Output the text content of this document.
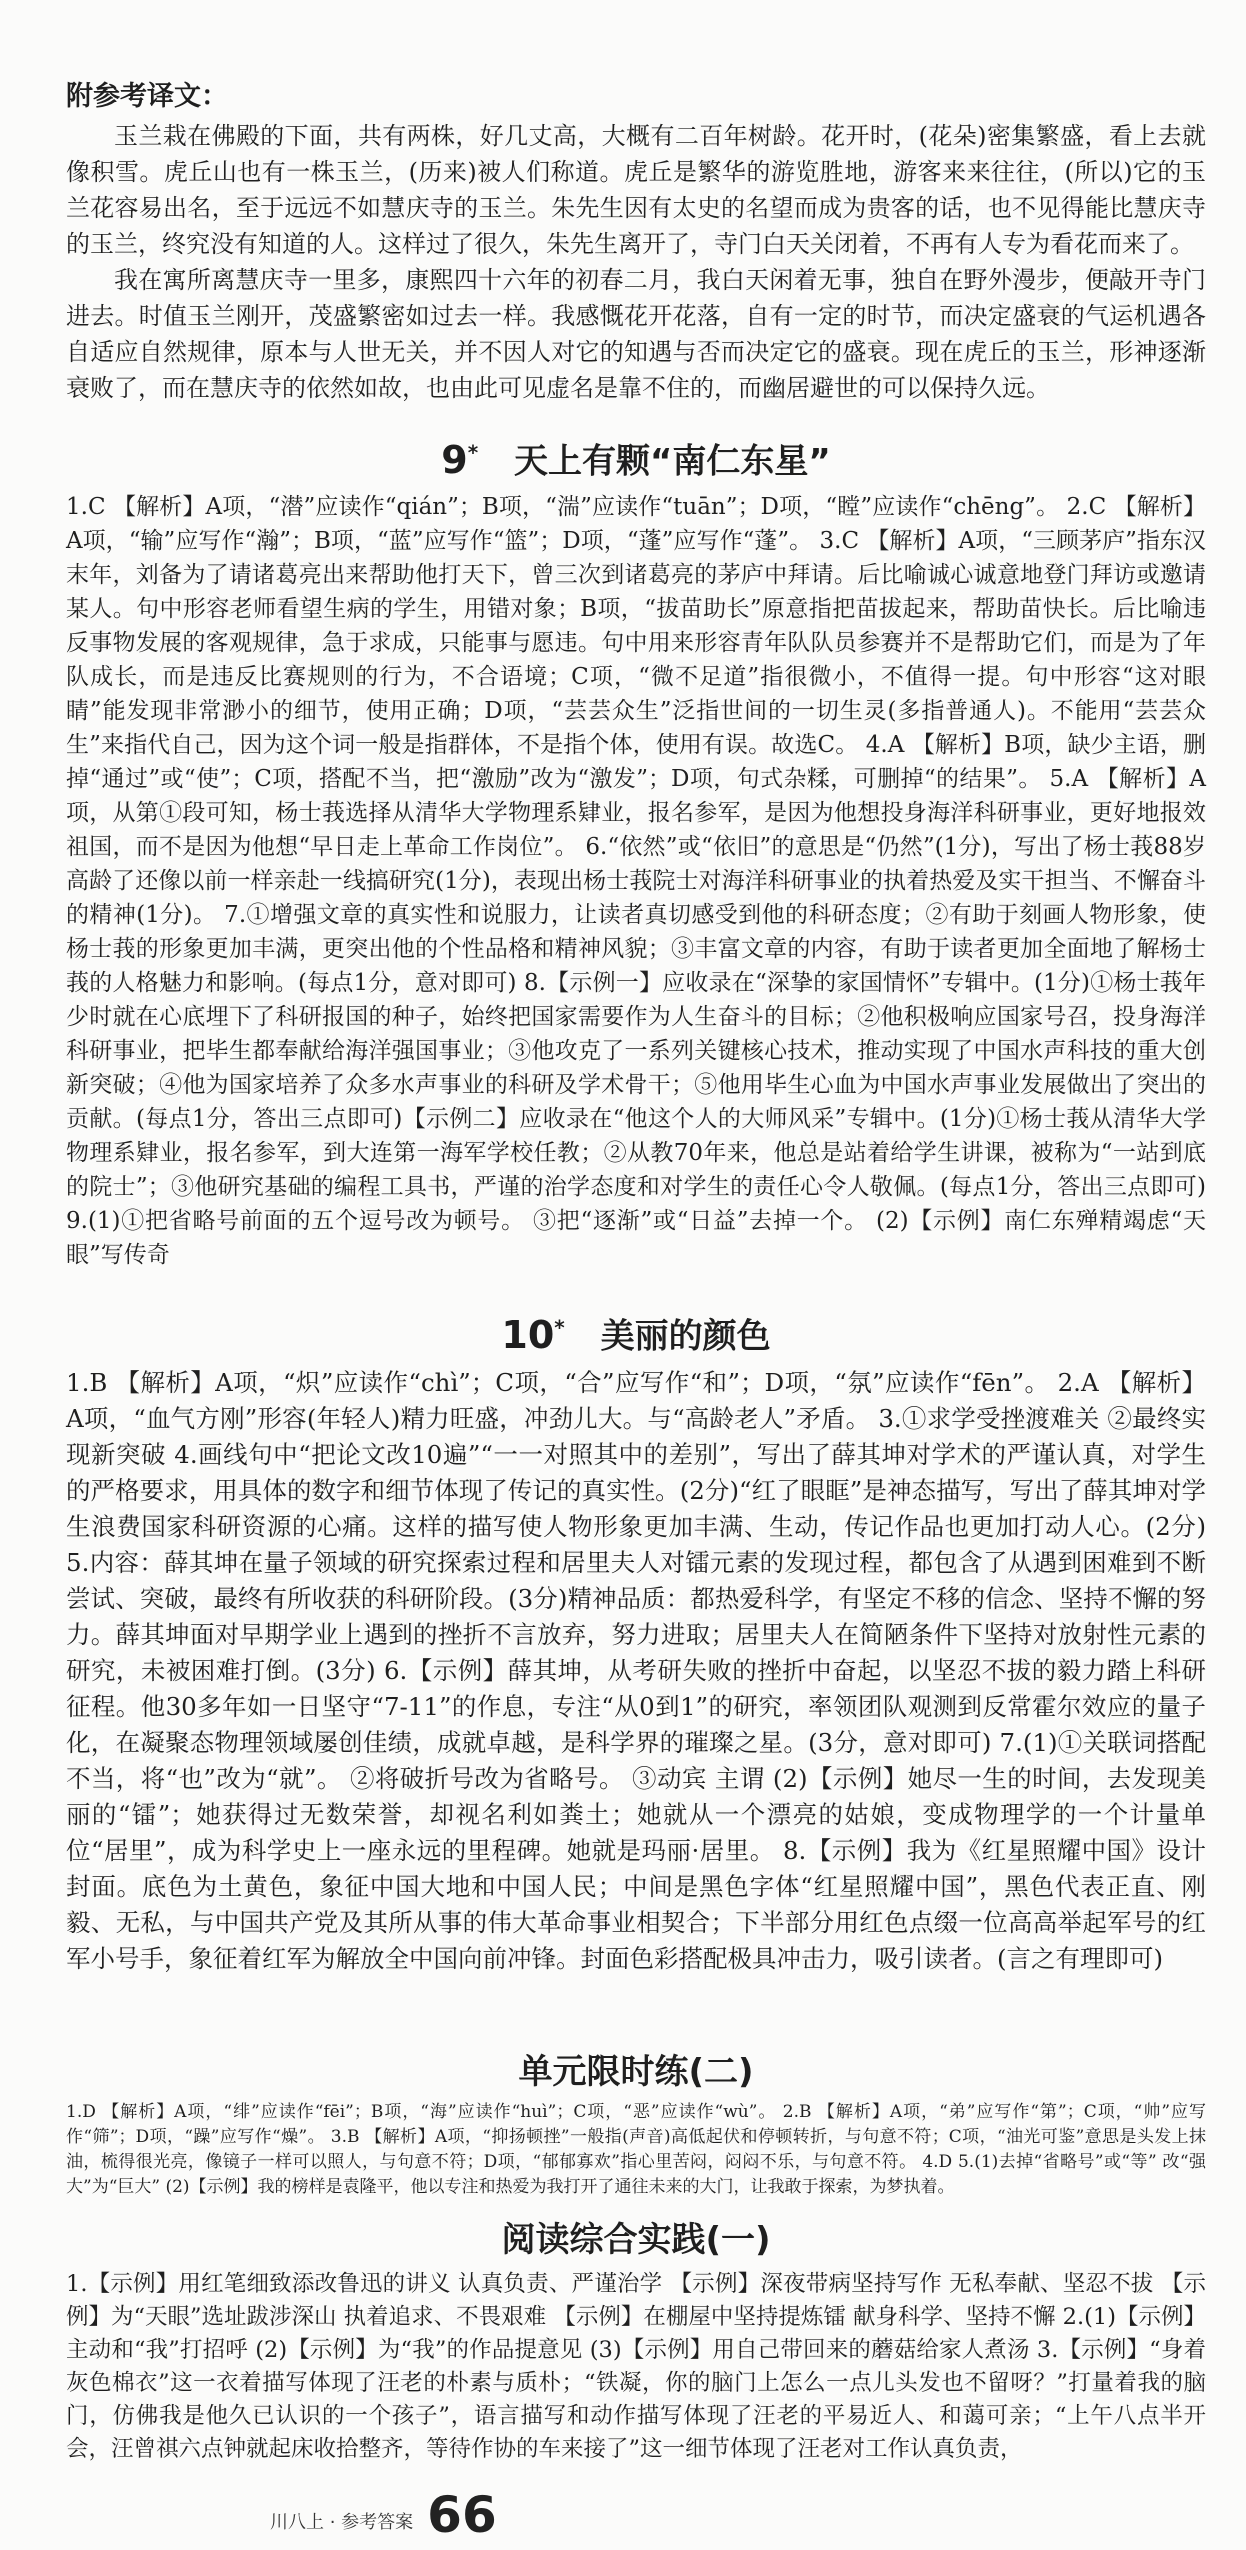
附参考译文：

玉兰栽在佛殿的下面，共有两株，好几丈高，大概有二百年树龄。花开时，(花朵)密集繁盛，看上去就像积雪。虎丘山也有一株玉兰，(历来)被人们称道。虎丘是繁华的游览胜地，游客来来往往，(所以)它的玉兰花容易出名，至于远远不如慧庆寺的玉兰。朱先生因有太史的名望而成为贵客的话，也不见得能比慧庆寺的玉兰，终究没有知道的人。这样过了很久，朱先生离开了，寺门白天关闭着，不再有人专为看花而来了。

我在寓所离慧庆寺一里多，康熙四十六年的初春二月，我白天闲着无事，独自在野外漫步，便敲开寺门进去。时值玉兰刚开，茂盛繁密如过去一样。我感慨花开花落，自有一定的时节，而决定盛衰的气运机遇各自适应自然规律，原本与人世无关，并不因人对它的知遇与否而决定它的盛衰。现在虎丘的玉兰，形神逐渐衰败了，而在慧庆寺的依然如故，也由此可见虚名是靠不住的，而幽居避世的可以保持久远。

9* 天上有颗“南仁东星”

1.C 【解析】A项，“潜”应读作“qián”；B项，“湍”应读作“tuān”；D项，“瞠”应读作“chēng”。 2.C 【解析】A项，“输”应写作“瀚”；B项，“蓝”应写作“篮”；D项，“蓬”应写作“蓬”。 3.C 【解析】A项，“三顾茅庐”指东汉末年，刘备为了请诸葛亮出来帮助他打天下，曾三次到诸葛亮的茅庐中拜请。后比喻诚心诚意地登门拜访或邀请某人。句中形容老师看望生病的学生，用错对象；B项，“拔苗助长”原意指把苗拔起来，帮助苗快长。后比喻违反事物发展的客观规律，急于求成，只能事与愿违。句中用来形容青年队队员参赛并不是帮助它们，而是为了年队成长，而是违反比赛规则的行为，不合语境；C项，“微不足道”指很微小，不值得一提。句中形容“这对眼睛”能发现非常渺小的细节，使用正确；D项，“芸芸众生”泛指世间的一切生灵(多指普通人)。不能用“芸芸众生”来指代自己，因为这个词一般是指群体，不是指个体，使用有误。故选C。 4.A 【解析】B项，缺少主语，删掉“通过”或“使”；C项，搭配不当，把“激励”改为“激发”；D项，句式杂糅，可删掉“的结果”。 5.A 【解析】A项，从第①段可知，杨士莪选择从清华大学物理系肄业，报名参军，是因为他想投身海洋科研事业，更好地报效祖国，而不是因为他想“早日走上革命工作岗位”。 6.“依然”或“依旧”的意思是“仍然”(1分)，写出了杨士莪88岁高龄了还像以前一样亲赴一线搞研究(1分)，表现出杨士莪院士对海洋科研事业的执着热爱及实干担当、不懈奋斗的精神(1分)。 7.①增强文章的真实性和说服力，让读者真切感受到他的科研态度；②有助于刻画人物形象，使杨士莪的形象更加丰满，更突出他的个性品格和精神风貌；③丰富文章的内容，有助于读者更加全面地了解杨士莪的人格魅力和影响。(每点1分，意对即可) 8.【示例一】应收录在“深挚的家国情怀”专辑中。(1分)①杨士莪年少时就在心底埋下了科研报国的种子，始终把国家需要作为人生奋斗的目标；②他积极响应国家号召，投身海洋科研事业，把毕生都奉献给海洋强国事业；③他攻克了一系列关键核心技术，推动实现了中国水声科技的重大创新突破；④他为国家培养了众多水声事业的科研及学术骨干；⑤他用毕生心血为中国水声事业发展做出了突出的贡献。(每点1分，答出三点即可)【示例二】应收录在“他这个人的大师风采”专辑中。(1分)①杨士莪从清华大学物理系肄业，报名参军，到大连第一海军学校任教；②从教70年来，他总是站着给学生讲课，被称为“一站到底的院士”；③他研究基础的编程工具书，严谨的治学态度和对学生的责任心令人敬佩。(每点1分，答出三点即可) 9.(1)①把省略号前面的五个逗号改为顿号。 ③把“逐渐”或“日益”去掉一个。 (2)【示例】南仁东殚精竭虑“天眼”写传奇

10* 美丽的颜色

1.B 【解析】A项，“炽”应读作“chì”；C项，“合”应写作“和”；D项，“氛”应读作“fēn”。 2.A 【解析】A项，“血气方刚”形容(年轻人)精力旺盛，冲劲儿大。与“高龄老人”矛盾。 3.①求学受挫渡难关 ②最终实现新突破 4.画线句中“把论文改10遍”“一一对照其中的差别”，写出了薛其坤对学术的严谨认真，对学生的严格要求，用具体的数字和细节体现了传记的真实性。(2分)“红了眼眶”是神态描写，写出了薛其坤对学生浪费国家科研资源的心痛。这样的描写使人物形象更加丰满、生动，传记作品也更加打动人心。(2分) 5.内容：薛其坤在量子领域的研究探索过程和居里夫人对镭元素的发现过程，都包含了从遇到困难到不断尝试、突破，最终有所收获的科研阶段。(3分)精神品质：都热爱科学，有坚定不移的信念、坚持不懈的努力。薛其坤面对早期学业上遇到的挫折不言放弃，努力进取；居里夫人在简陋条件下坚持对放射性元素的研究，未被困难打倒。(3分) 6.【示例】薛其坤，从考研失败的挫折中奋起，以坚忍不拔的毅力踏上科研征程。他30多年如一日坚守“7-11”的作息，专注“从0到1”的研究，率领团队观测到反常霍尔效应的量子化，在凝聚态物理领域屡创佳绩，成就卓越，是科学界的璀璨之星。(3分，意对即可) 7.(1)①关联词搭配不当，将“也”改为“就”。 ②将破折号改为省略号。 ③动宾 主谓 (2)【示例】她尽一生的时间，去发现美丽的“镭”；她获得过无数荣誉，却视名利如粪土；她就从一个漂亮的姑娘，变成物理学的一个计量单位“居里”，成为科学史上一座永远的里程碑。她就是玛丽·居里。 8.【示例】我为《红星照耀中国》设计封面。底色为土黄色，象征中国大地和中国人民；中间是黑色字体“红星照耀中国”，黑色代表正直、刚毅、无私，与中国共产党及其所从事的伟大革命事业相契合；下半部分用红色点缀一位高高举起军号的红军小号手，象征着红军为解放全中国向前冲锋。封面色彩搭配极具冲击力，吸引读者。(言之有理即可)

单元限时练(二)

1.D 【解析】A项，“绯”应读作“fēi”；B项，“海”应读作“huì”；C项，“恶”应读作“wù”。 2.B 【解析】A项，“弟”应写作“第”；C项，“帅”应写作“筛”；D项，“躁”应写作“燥”。 3.B 【解析】A项，“抑扬顿挫”一般指(声音)高低起伏和停顿转折，与句意不符；C项，“油光可鉴”意思是头发上抹油，梳得很光亮，像镜子一样可以照人，与句意不符；D项，“郁郁寡欢”指心里苦闷，闷闷不乐，与句意不符。 4.D 5.(1)去掉“省略号”或“等” 改“强大”为“巨大” (2)【示例】我的榜样是袁隆平，他以专注和热爱为我打开了通往未来的大门，让我敢于探索，为梦执着。

阅读综合实践(一)

1.【示例】用红笔细致添改鲁迅的讲义 认真负责、严谨治学 【示例】深夜带病坚持写作 无私奉献、坚忍不拔 【示例】为“天眼”选址跋涉深山 执着追求、不畏艰难 【示例】在棚屋中坚持提炼镭 献身科学、坚持不懈 2.(1)【示例】主动和“我”打招呼 (2)【示例】为“我”的作品提意见 (3)【示例】用自己带回来的蘑菇给家人煮汤 3.【示例】“身着灰色棉衣”这一衣着描写体现了汪老的朴素与质朴；“铁凝，你的脑门上怎么一点儿头发也不留呀？”打量着我的脑门，仿佛我是他久已认识的一个孩子”，语言描写和动作描写体现了汪老的平易近人、和蔼可亲；“上午八点半开会，汪曾祺六点钟就起床收拾整齐，等待作协的车来接了”这一细节体现了汪老对工作认真负责，

川八上 · 参考答案 66
